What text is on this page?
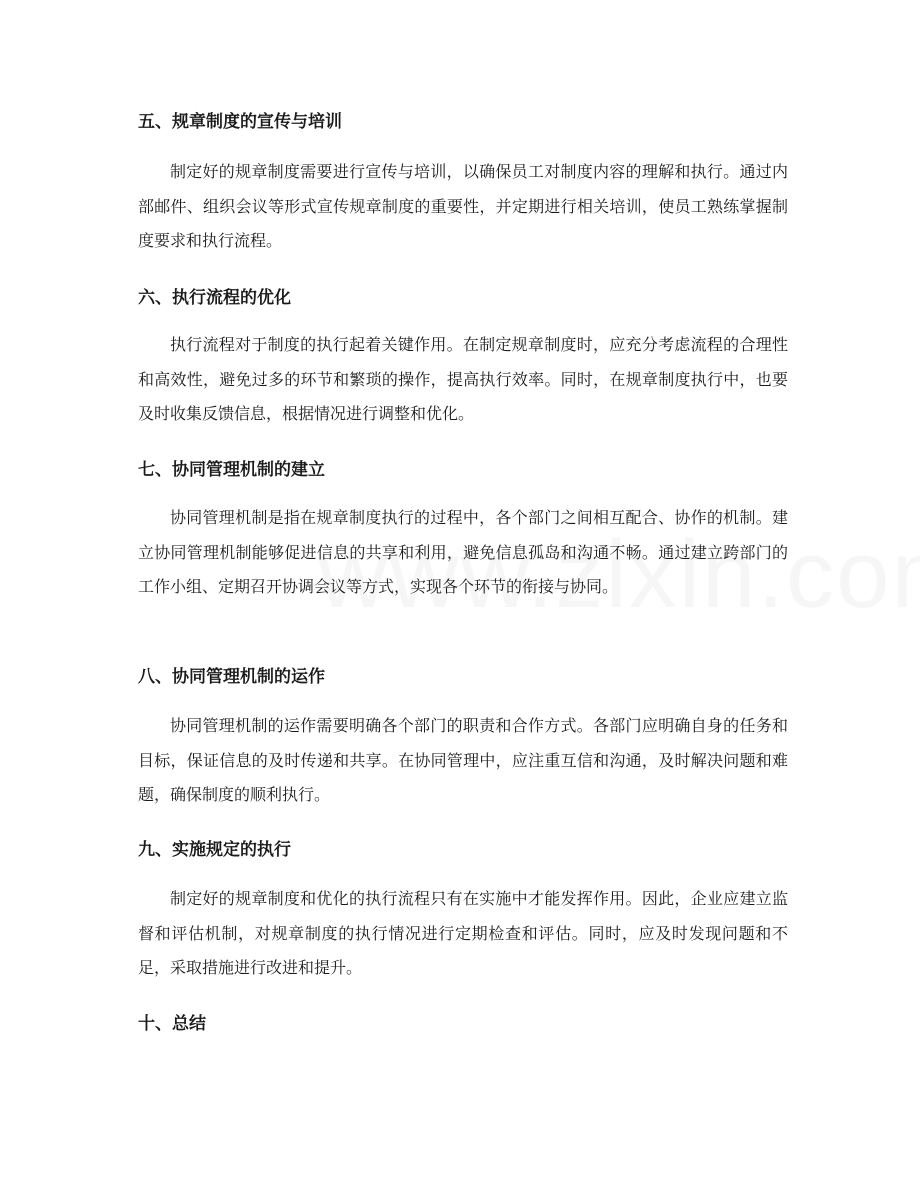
五、规章制度的宣传与培训

制定好的规章制度需要进行宣传与培训，以确保员工对制度内容的理解和执行。通过内部邮件、组织会议等形式宣传规章制度的重要性，并定期进行相关培训，使员工熟练掌握制度要求和执行流程。

六、执行流程的优化

执行流程对于制度的执行起着关键作用。在制定规章制度时，应充分考虑流程的合理性和高效性，避免过多的环节和繁琐的操作，提高执行效率。同时，在规章制度执行中，也要及时收集反馈信息，根据情况进行调整和优化。

七、协同管理机制的建立

协同管理机制是指在规章制度执行的过程中，各个部门之间相互配合、协作的机制。建立协同管理机制能够促进信息的共享和利用，避免信息孤岛和沟通不畅。通过建立跨部门的工作小组、定期召开协调会议等方式，实现各个环节的衔接与协同。

八、协同管理机制的运作

协同管理机制的运作需要明确各个部门的职责和合作方式。各部门应明确自身的任务和目标，保证信息的及时传递和共享。在协同管理中，应注重互信和沟通，及时解决问题和难题，确保制度的顺利执行。

九、实施规定的执行

制定好的规章制度和优化的执行流程只有在实施中才能发挥作用。因此，企业应建立监督和评估机制，对规章制度的执行情况进行定期检查和评估。同时，应及时发现问题和不足，采取措施进行改进和提升。

十、总结
